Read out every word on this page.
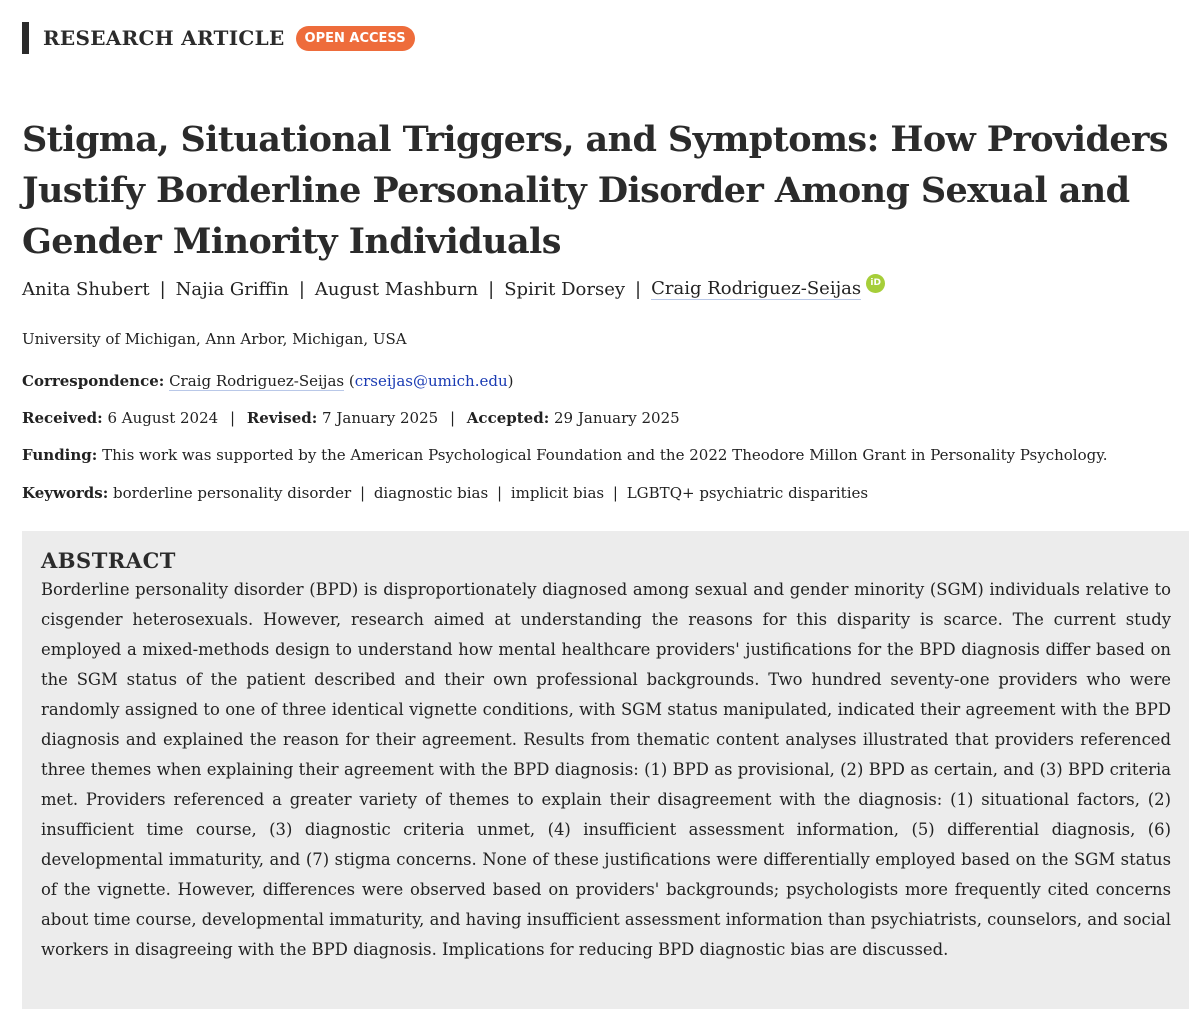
RESEARCH ARTICLE	OPEN ACCESS
Stigma, Situational Triggers, and Symptoms: How Providers Justify Borderline Personality Disorder Among Sexual and Gender Minority Individuals
Anita Shubert | Najia Griffin | August Mashburn | Spirit Dorsey | Craig Rodriguez-Seijas	iD
University of Michigan, Ann Arbor, Michigan, USA
Correspondence: Craig Rodriguez-Seijas (crseijas@umich.edu)
Received: 6 August 2024 | Revised: 7 January 2025 | Accepted: 29 January 2025
Funding: This work was supported by the American Psychological Foundation and the 2022 Theodore Millon Grant in Personality Psychology.
Keywords: borderline personality disorder | diagnostic bias | implicit bias | LGBTQ+ psychiatric disparities
ABSTRACT

Borderline personality disorder (BPD) is disproportionately diagnosed among sexual and gender minority (SGM) individuals relative to cisgender heterosexuals. However, research aimed at understanding the reasons for this disparity is scarce. The current study employed a mixed-methods design to understand how mental healthcare providers' justifications for the BPD diagnosis differ based on the SGM status of the patient described and their own professional backgrounds. Two hundred seventy-one providers who were randomly assigned to one of three identical vignette conditions, with SGM status manipulated, indicated their agreement with the BPD diagnosis and explained the reason for their agreement. Results from thematic content analyses illustrated that providers referenced three themes when explaining their agreement with the BPD diagnosis: (1) BPD as provisional, (2) BPD as certain, and (3) BPD criteria met. Providers referenced a greater variety of themes to explain their disagreement with the diagnosis: (1) situational factors, (2) insufficient time course, (3) diagnostic criteria unmet, (4) insufficient assessment information, (5) differential diagnosis, (6) developmental immaturity, and (7) stigma concerns. None of these justifications were differentially employed based on the SGM status of the vignette. However, differences were observed based on providers' backgrounds; psychologists more frequently cited concerns about time course, developmental immaturity, and having insufficient assessment information than psychiatrists, counselors, and social workers in disagreeing with the BPD diagnosis. Implications for reducing BPD diagnostic bias are discussed.
